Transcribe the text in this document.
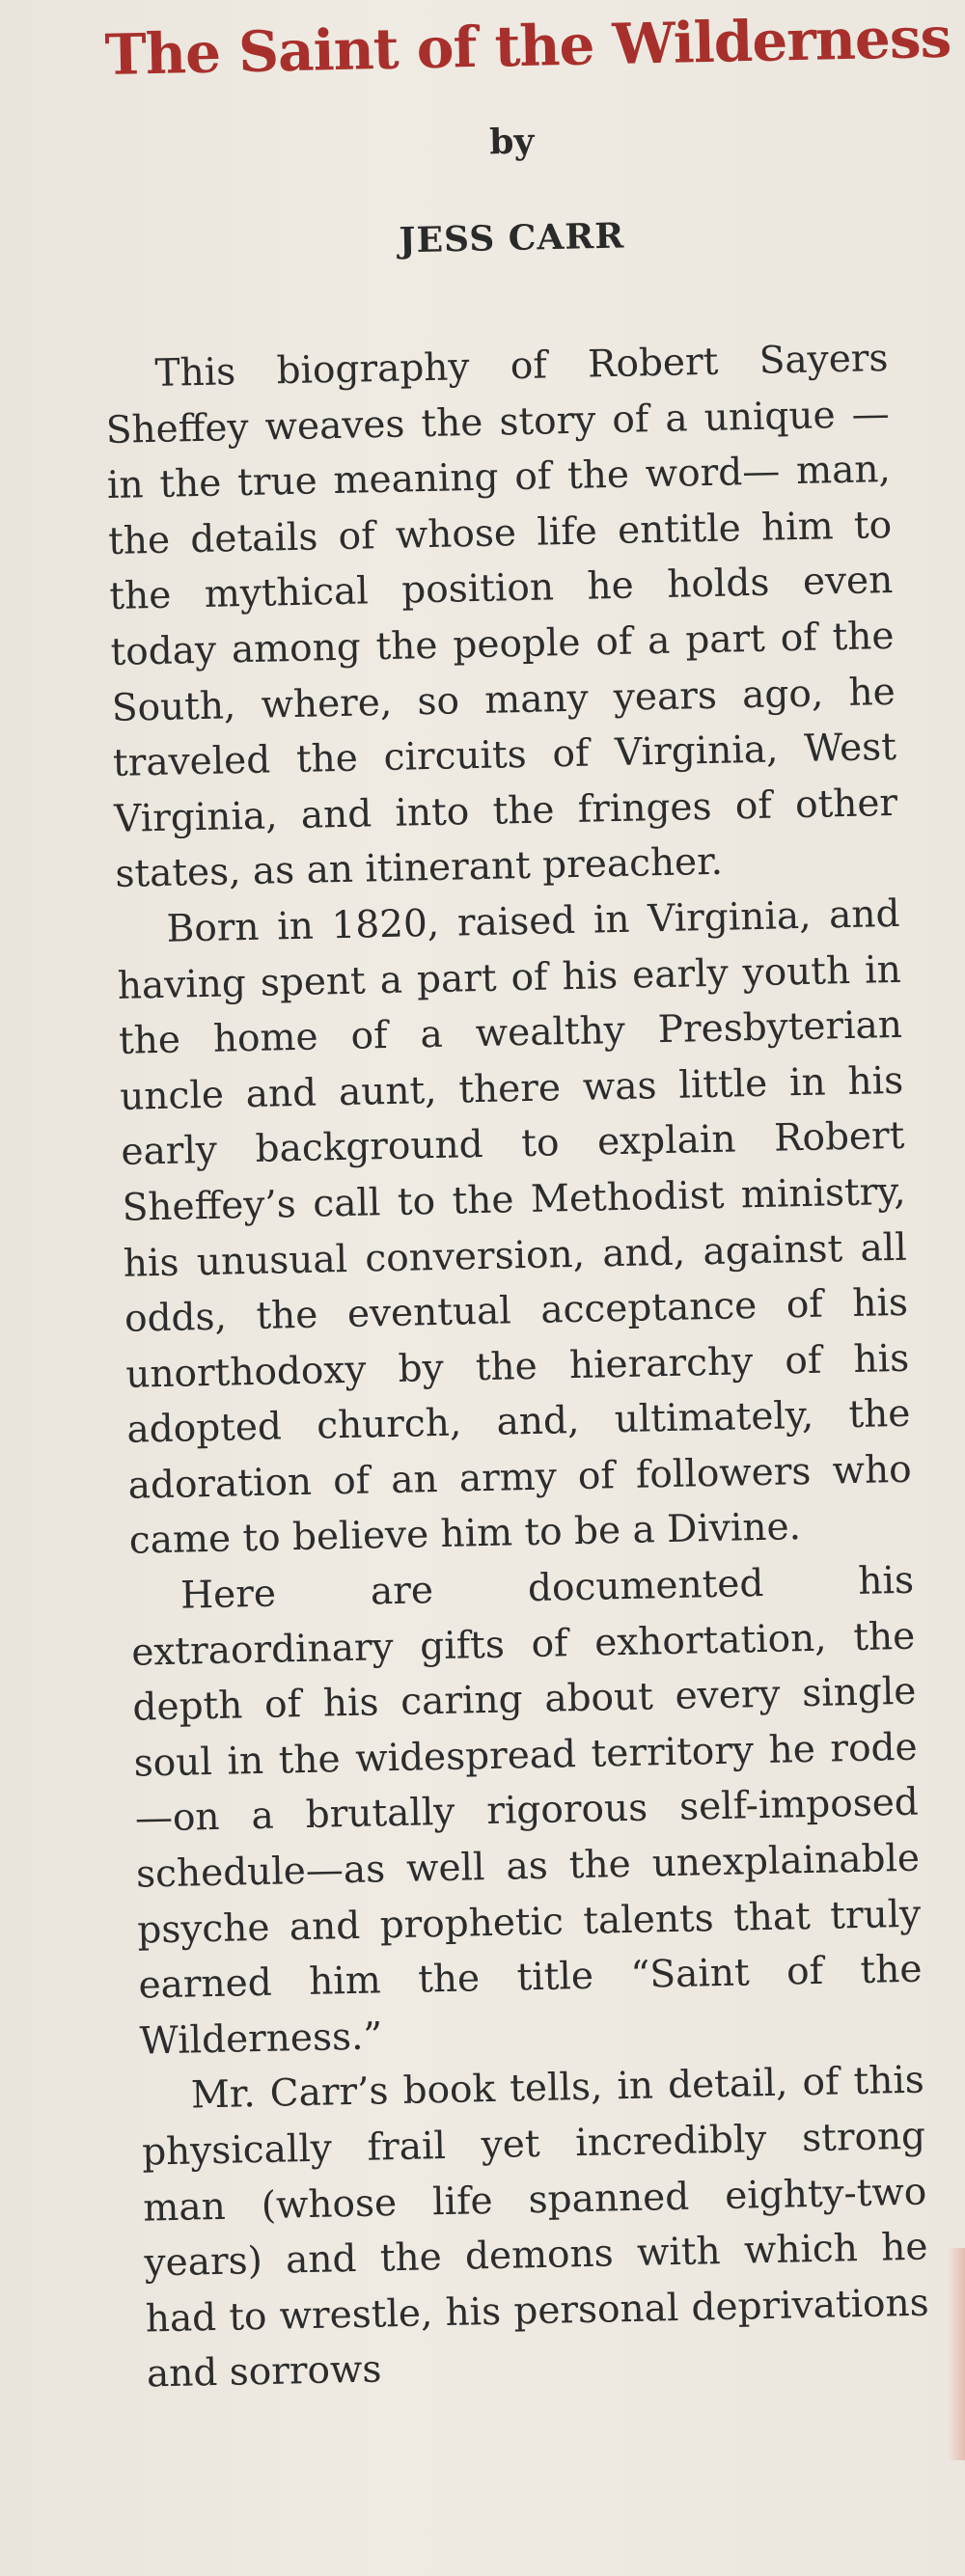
The Saint of the Wilderness
by
JESS CARR

This biography of Robert Sayers Sheffey weaves the story of a unique —in the true meaning of the word— man, the details of whose life entitle him to the mythical position he holds even today among the people of a part of the South, where, so many years ago, he traveled the circuits of Virginia, West Virginia, and into the fringes of other states, as an itinerant preacher.

Born in 1820, raised in Virginia, and having spent a part of his early youth in the home of a wealthy Presbyterian uncle and aunt, there was little in his early background to explain Robert Sheffey’s call to the Methodist ministry, his unusual conversion, and, against all odds, the eventual acceptance of his unorthodoxy by the hierarchy of his adopted church, and, ultimately, the adoration of an army of followers who came to believe him to be a Divine.

Here are documented his extraordinary gifts of exhortation, the depth of his caring about every single soul in the widespread territory he rode—on a brutally rigorous self-imposed schedule—as well as the unexplainable psyche and prophetic talents that truly earned him the title “Saint of the Wilderness.”

Mr. Carr’s book tells, in detail, of this physically frail yet incredibly strong man (whose life spanned eighty-two years) and the demons with which he had to wrestle, his personal deprivations and sorrows
